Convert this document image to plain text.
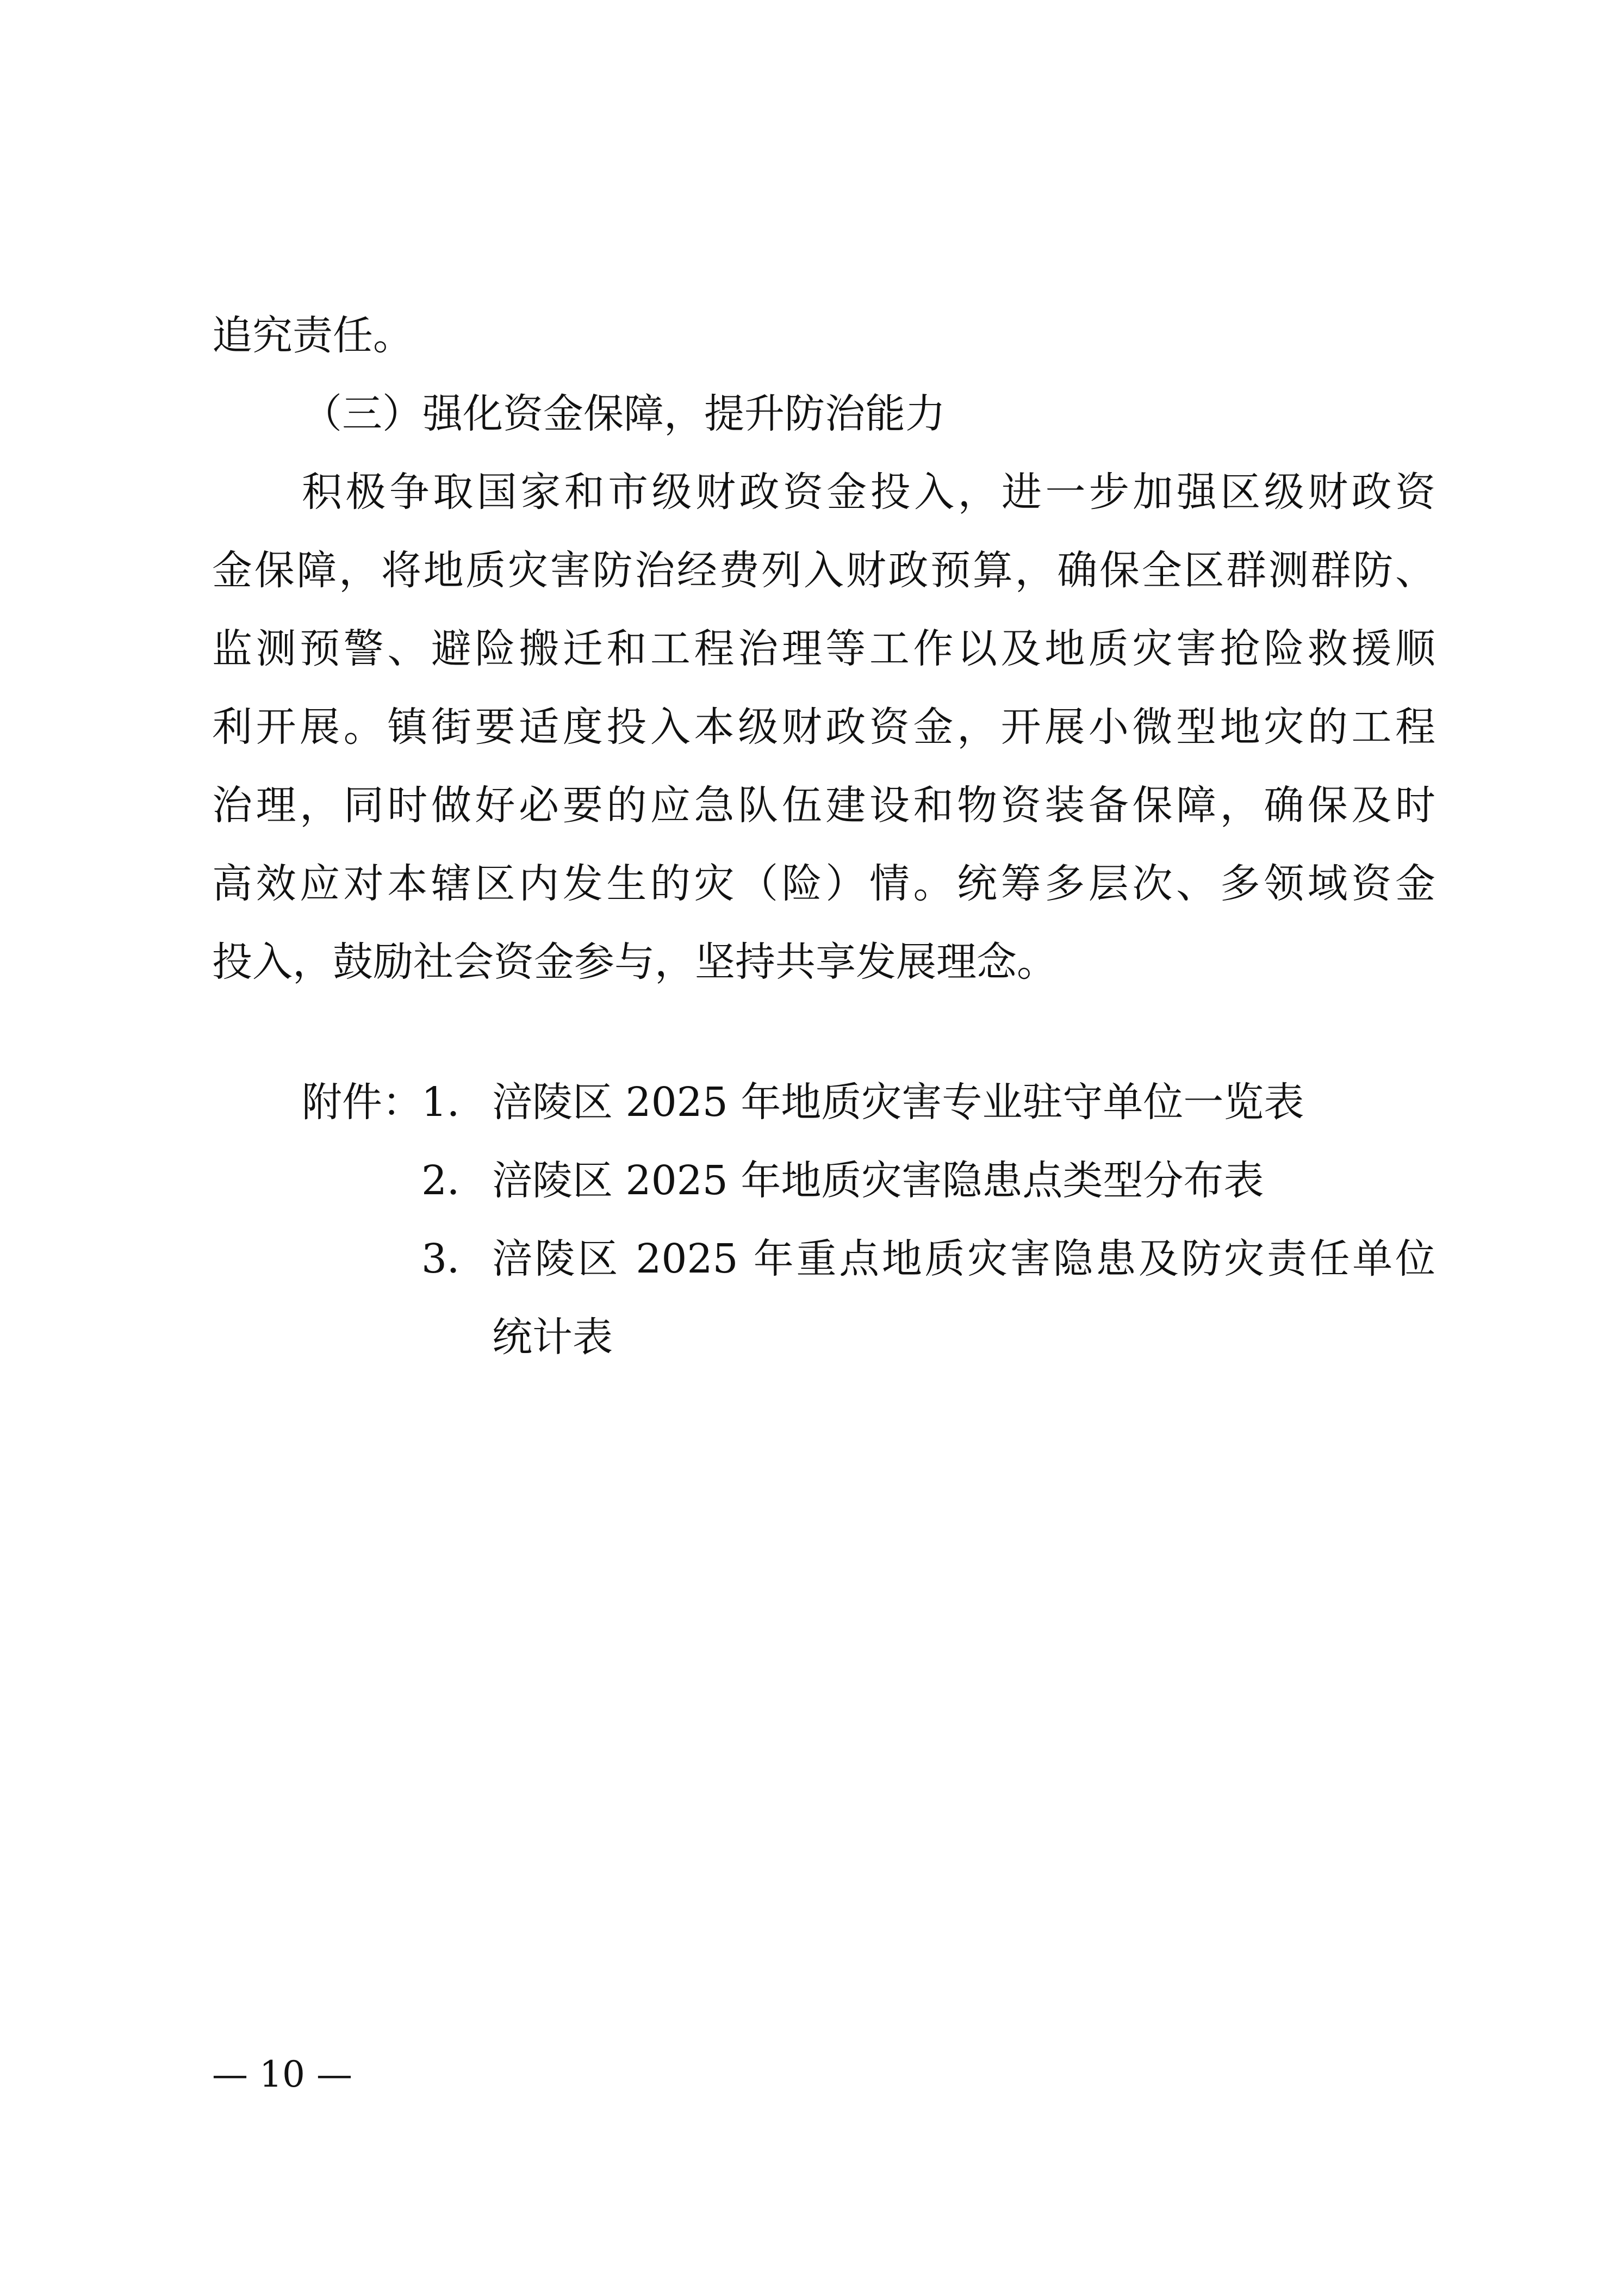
追究责任。
（三）强化资金保障，提升防治能力
积极争取国家和市级财政资金投入，进一步加强区级财政资
金保障，将地质灾害防治经费列入财政预算，确保全区群测群防、
监测预警、避险搬迁和工程治理等工作以及地质灾害抢险救援顺
利开展。镇街要适度投入本级财政资金，开展小微型地灾的工程
治理，同时做好必要的应急队伍建设和物资装备保障，确保及时
高效应对本辖区内发生的灾（险）情。统筹多层次、多领域资金
投入，鼓励社会资金参与，坚持共享发展理念。
附件：
1． 涪陵区 2025 年地质灾害专业驻守单位一览表
2． 涪陵区 2025 年地质灾害隐患点类型分布表
3． 涪陵区 2025 年重点地质灾害隐患及防灾责任单位
统计表
— 10 —
